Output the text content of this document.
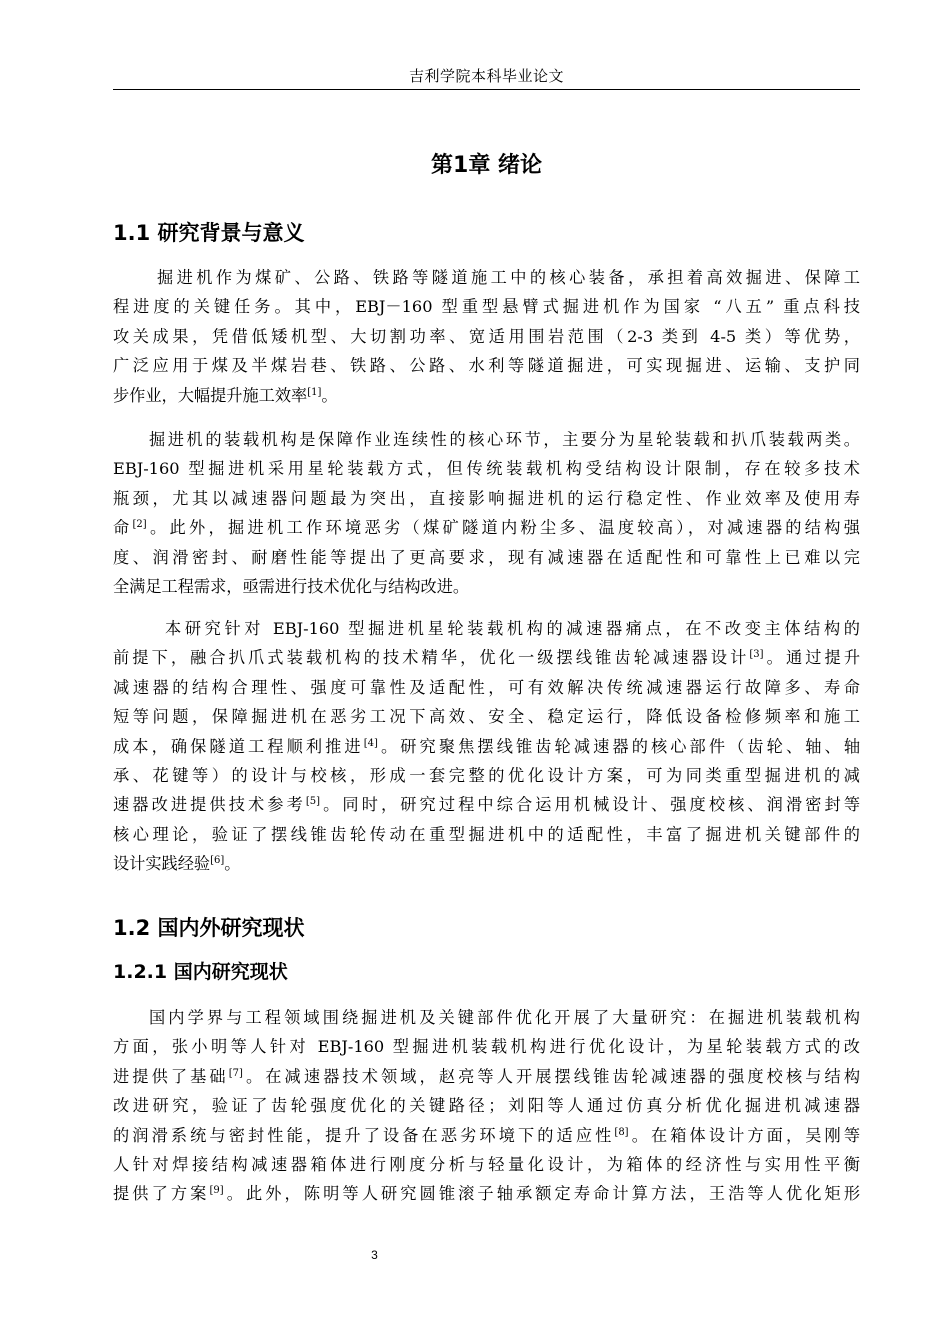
吉利学院本科毕业论文
第1章 绪论
1.1 研究背景与意义
掘进机作为煤矿、公路、铁路等隧道施工中的核心装备，承担着高效掘进、保障工
程进度的关键任务。其中，EBJ－160 型重型悬臂式掘进机作为国家 “八五” 重点科技
攻关成果，凭借低矮机型、大切割功率、宽适用围岩范围（2-3 类到 4-5 类）等优势，
广泛应用于煤及半煤岩巷、铁路、公路、水利等隧道掘进，可实现掘进、运输、支护同
步作业，大幅提升施工效率[1]。
掘进机的装载机构是保障作业连续性的核心环节，主要分为星轮装载和扒爪装载两类。
EBJ-160 型掘进机采用星轮装载方式，但传统装载机构受结构设计限制，存在较多技术
瓶颈，尤其以减速器问题最为突出，直接影响掘进机的运行稳定性、作业效率及使用寿
命[2]。此外，掘进机工作环境恶劣（煤矿隧道内粉尘多、温度较高），对减速器的结构强
度、润滑密封、耐磨性能等提出了更高要求，现有减速器在适配性和可靠性上已难以完
全满足工程需求，亟需进行技术优化与结构改进。
本研究针对 EBJ-160 型掘进机星轮装载机构的减速器痛点，在不改变主体结构的
前提下，融合扒爪式装载机构的技术精华，优化一级摆线锥齿轮减速器设计[3]。通过提升
减速器的结构合理性、强度可靠性及适配性，可有效解决传统减速器运行故障多、寿命
短等问题，保障掘进机在恶劣工况下高效、安全、稳定运行，降低设备检修频率和施工
成本，确保隧道工程顺利推进[4]。研究聚焦摆线锥齿轮减速器的核心部件（齿轮、轴、轴
承、花键等）的设计与校核，形成一套完整的优化设计方案，可为同类重型掘进机的减
速器改进提供技术参考[5]。同时，研究过程中综合运用机械设计、强度校核、润滑密封等
核心理论，验证了摆线锥齿轮传动在重型掘进机中的适配性，丰富了掘进机关键部件的
设计实践经验[6]。
1.2 国内外研究现状
1.2.1 国内研究现状
国内学界与工程领域围绕掘进机及关键部件优化开展了大量研究：在掘进机装载机构
方面，张小明等人针对 EBJ-160 型掘进机装载机构进行优化设计，为星轮装载方式的改
进提供了基础[7]。在减速器技术领域，赵亮等人开展摆线锥齿轮减速器的强度校核与结构
改进研究，验证了齿轮强度优化的关键路径；刘阳等人通过仿真分析优化掘进机减速器
的润滑系统与密封性能，提升了设备在恶劣环境下的适应性[8]。在箱体设计方面，吴刚等
人针对焊接结构减速器箱体进行刚度分析与轻量化设计，为箱体的经济性与实用性平衡
提供了方案[9]。此外，陈明等人研究圆锥滚子轴承额定寿命计算方法，王浩等人优化矩形
3
